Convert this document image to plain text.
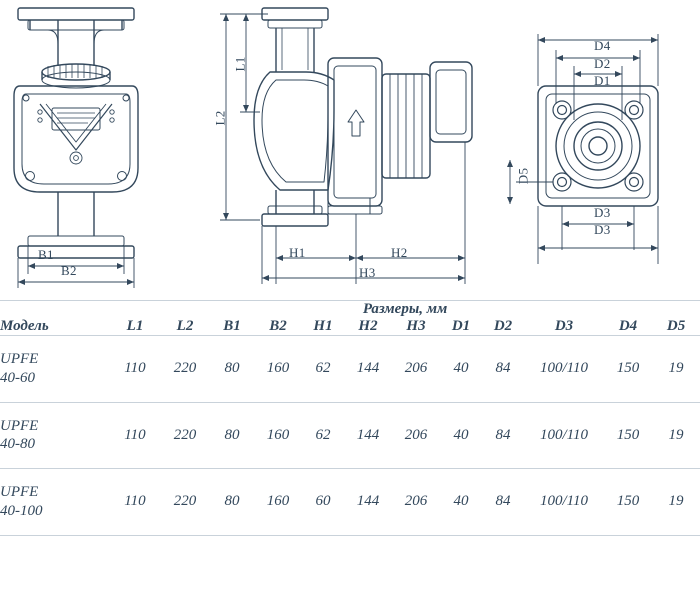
B1
B2
L1
L2
H1	H2
H3
D4
D2
D1
D5
D3
D3
	Размеры, мм											
Модель	L1	L2	B1	B2	H1	H2	H3	D1	D2	D3	D4	D5

UPFE
40-60	110	220	80	160	62	144	206	40	84	100/110	150	19

UPFE
40-80	110	220	80	160	62	144	206	40	84	100/110	150	19

UPFE
40-100	110	220	80	160	60	144	206	40	84	100/110	150	19
